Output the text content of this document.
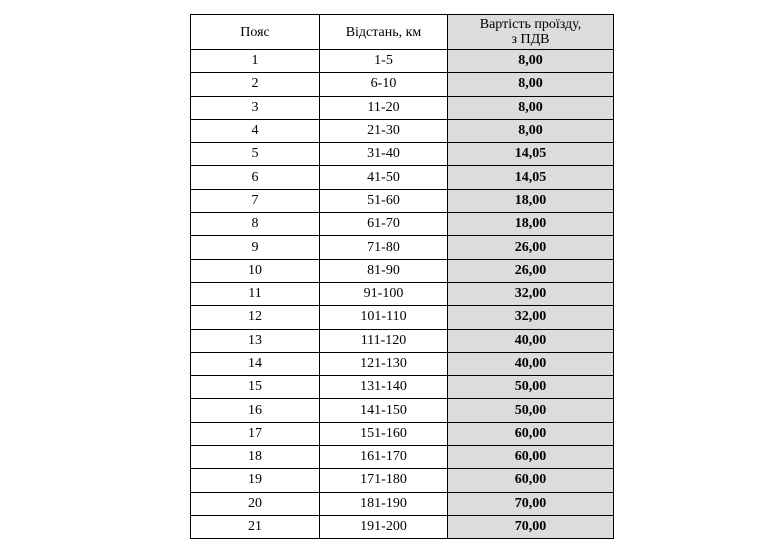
Пояс	Відстань, км	Вартість проїзду,
з ПДВ
1	1-5	8,00
2	6-10	8,00
3	11-20	8,00
4	21-30	8,00
5	31-40	14,05
6	41-50	14,05
7	51-60	18,00
8	61-70	18,00
9	71-80	26,00
10	81-90	26,00
11	91-100	32,00
12	101-110	32,00
13	111-120	40,00
14	121-130	40,00
15	131-140	50,00
16	141-150	50,00
17	151-160	60,00
18	161-170	60,00
19	171-180	60,00
20	181-190	70,00
21	191-200	70,00
